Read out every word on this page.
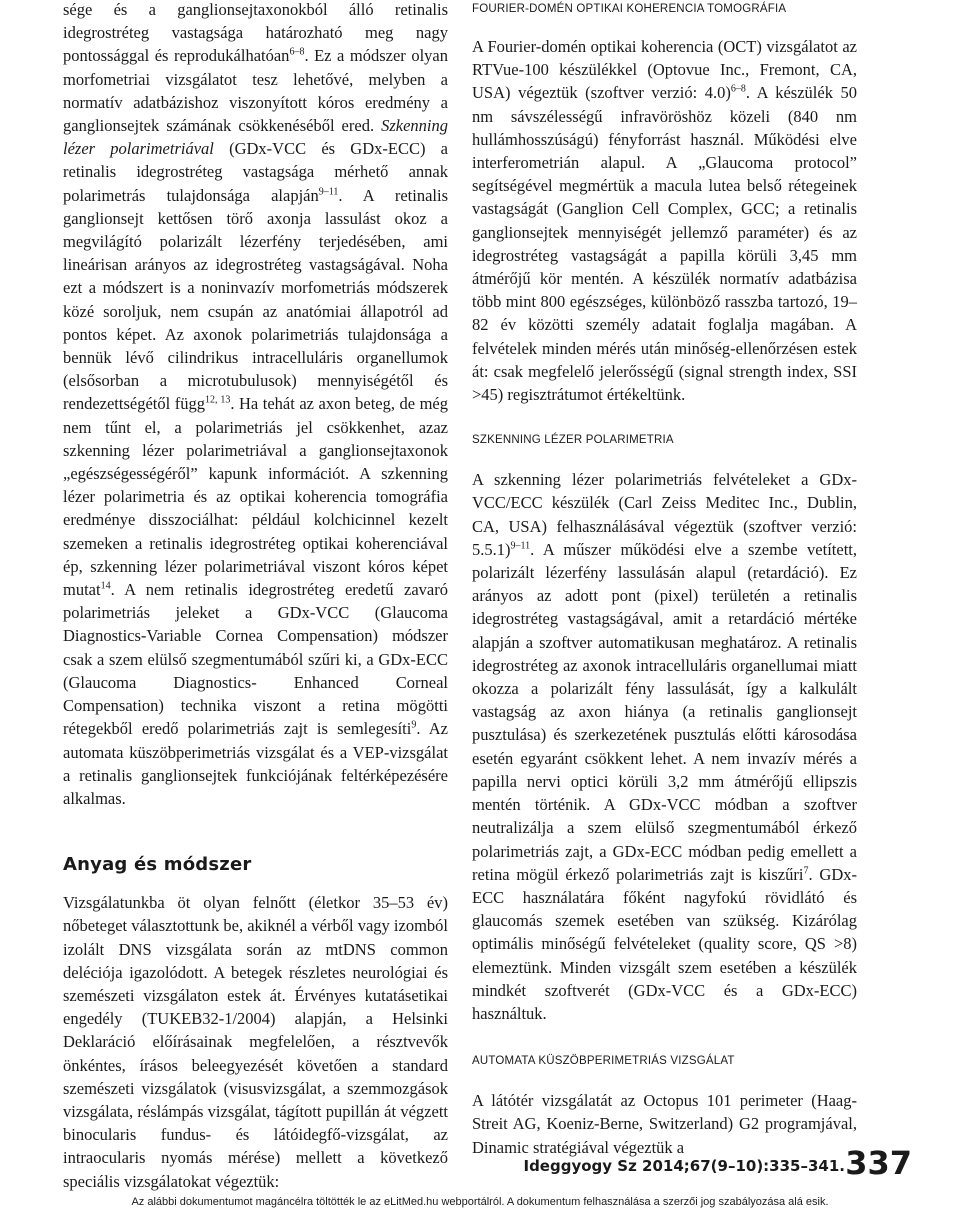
sége és a ganglionsejtaxonokból álló retinalis idegrostréteg vastagsága határozható meg nagy pontossággal és reprodukálhatóan$^{6-8}$. Ez a módszer olyan morfometriai vizsgálatot tesz lehetővé, melyben a normatív adatbázishoz viszonyított kóros eredmény a ganglionsejtek számának csökkenéséből ered. Szkenning lézer polarimetriával (GDx-VCC és GDx-ECC) a retinalis idegrostréteg vastagsága mérhető annak polarimetrás tulajdonsága alapján$^{9-11}$. A retinalis ganglionsejt kettősen törő axonja lassulást okoz a megvilágító polarizált lézerfény terjedésében, ami lineárisan arányos az idegrostréteg vastagságával. Noha ezt a módszert is a noninvazív morfometriás módszerek közé soroljuk, nem csupán az anatómiai állapotról ad pontos képet. Az axonok polarimetriás tulajdonsága a bennük lévő cilindrikus intracelluláris organellumok (elsősorban a microtubulusok) mennyiségétől és rendezettségétől függ$^{12, 13}$. Ha tehát az axon beteg, de még nem tűnt el, a polarimetriás jel csökkenhet, azaz szkenning lézer polarimetriával a ganglionsejtaxonok „egészségességéről” kapunk információt. A szkenning lézer polarimetria és az optikai koherencia tomográfia eredménye disszociálhat: például kolchicinnel kezelt szemeken a retinalis idegrostréteg optikai koherenciával ép, szkenning lézer polarimetriával viszont kóros képet mutat$^{14}$. A nem retinalis idegrostréteg eredetű zavaró polarimetriás jeleket a GDx-VCC (Glaucoma Diagnostics-Variable Cornea Compensation) módszer csak a szem elülső szegmentumából szűri ki, a GDx-ECC (Glaucoma Diagnostics- Enhanced Corneal Compensation) technika viszont a retina mögötti rétegekből eredő polarimetriás zajt is semlegesíti$^9$. Az automata küszöbperimetriás vizsgálat és a VEP-vizsgálat a retinalis ganglionsejtek funkciójának feltérképezésére alkalmas.

Anyag és módszer

Vizsgálatunkba öt olyan felnőtt (életkor 35–53 év) nőbeteget választottunk be, akiknél a vérből vagy izomból izolált DNS vizsgálata során az mtDNS common deléciója igazolódott. A betegek részletes neurológiai és szemészeti vizsgálaton estek át. Érvényes kutatásetikai engedély (TUKEB32-1/2004) alapján, a Helsinki Deklaráció előírásainak megfelelően, a résztvevők önkéntes, írásos beleegyezését követően a standard szemészeti vizsgálatok (visusvizsgálat, a szemmozgások vizsgálata, réslámpás vizsgálat, tágított pupillán át végzett binocularis fundus- és látóidegfő-vizsgálat, az intraocularis nyomás mérése) mellett a következő speciális vizsgálatokat végeztük:

FOURIER-DOMÉN OPTIKAI KOHERENCIA TOMOGRÁFIA

A Fourier-domén optikai koherencia (OCT) vizsgálatot az RTVue-100 készülékkel (Optovue Inc., Fremont, CA, USA) végeztük (szoftver verzió: 4.0)$^{6-8}$. A készülék 50 nm sávszélességű infravöröshöz közeli (840 nm hullámhosszúságú) fényforrást használ. Működési elve interferometrián alapul. A „Glaucoma protocol” segítségével megmértük a macula lutea belső rétegeinek vastagságát (Ganglion Cell Complex, GCC; a retinalis ganglionsejtek mennyiségét jellemző paraméter) és az idegrostréteg vastagságát a papilla körüli 3,45 mm átmérőjű kör mentén. A készülék normatív adatbázisa több mint 800 egészséges, különböző rasszba tartozó, 19–82 év közötti személy adatait foglalja magában. A felvételek minden mérés után minőség-ellenőrzésen estek át: csak megfelelő jelerősségű (signal strength index, SSI >45) regisztrátumot értékeltünk.

SZKENNING LÉZER POLARIMETRIA

A szkenning lézer polarimetriás felvételeket a GDx-VCC/ECC készülék (Carl Zeiss Meditec Inc., Dublin, CA, USA) felhasználásával végeztük (szoftver verzió: 5.5.1)$^{9-11}$. A műszer működési elve a szembe vetített, polarizált lézerfény lassulásán alapul (retardáció). Ez arányos az adott pont (pixel) területén a retinalis idegrostréteg vastagságával, amit a retardáció mértéke alapján a szoftver automatikusan meghatároz. A retinalis idegrostréteg az axonok intracelluláris organellumai miatt okozza a polarizált fény lassulását, így a kalkulált vastagság az axon hiánya (a retinalis ganglionsejt pusztulása) és szerkezetének pusztulás előtti károsodása esetén egyaránt csökkent lehet. A nem invazív mérés a papilla nervi optici körüli 3,2 mm átmérőjű ellipszis mentén történik. A GDx-VCC módban a szoftver neutralizálja a szem elülső szegmentumából érkező polarimetriás zajt, a GDx-ECC módban pedig emellett a retina mögül érkező polarimetriás zajt is kiszűri$^7$. GDx-ECC használatára főként nagyfokú rövidlátó és glaucomás szemek esetében van szükség. Kizárólag optimális minőségű felvételeket (quality score, QS >8) elemeztünk. Minden vizsgált szem esetében a készülék mindkét szoftverét (GDx-VCC és a GDx-ECC) használtuk.

AUTOMATA KÜSZÖBPERIMETRIÁS VIZSGÁLAT

A látótér vizsgálatát az Octopus 101 perimeter (Haag-Streit AG, Koeniz-Berne, Switzerland) G2 programjával, Dinamic stratégiával végeztük a

Ideggyogy Sz 2014;67(9–10):335–341. 337
Az alábbi dokumentumot magáncélra töltötték le az eLitMed.hu webportálról. A dokumentum felhasználása a szerzői jog szabályozása alá esik.
